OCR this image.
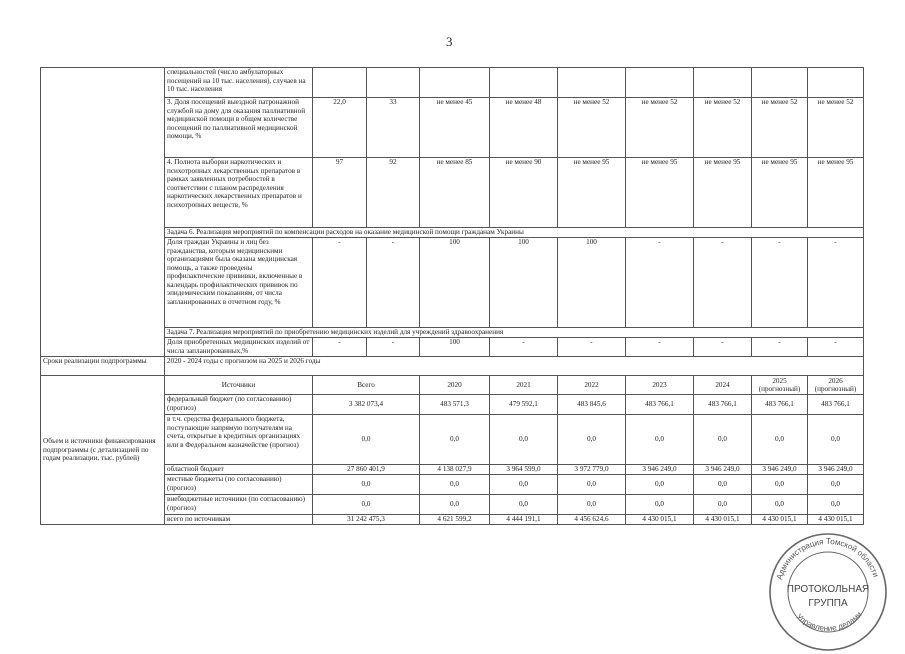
3
	специальностей (число амбулаторных посещений на 10 тыс. населения), случаев на 10 тыс. населения									
	3. Доля посещений выездной патронажной службой на дому для оказания паллиативной медицинской помощи в общем количестве посещений по паллиативной медицинской помощи, %	22,0	33	не менее 45	не менее 48	не менее 52	не менее 52	не менее 52	не менее 52	не менее 52
	4. Полнота выборки наркотических и психотропных лекарственных препаратов в рамках заявленных потребностей в соответствии с планом распределения наркотических лекарственных препаратов и психотропных веществ, %	97	92	не менее 85	не менее 90	не менее 95	не менее 95	не менее 95	не менее 95	не менее 95
	Задача 6. Реализация мероприятий по компенсации расходов на оказание медицинской помощи гражданам Украины									
	Доля граждан Украины и лиц без гражданства, которым медицинскими организациями была оказана медицинская помощь, а также проведены профилактические прививки, включенные в календарь профилактических прививок по эпидемическим показаниям, от числа запланированных в отчетном году, %	-	-	100	100	100	-	-	-	-
	Задача 7. Реализация мероприятий по приобретению медицинских изделий для учреждений здравоохранения									
	Доля приобретенных медицинских изделий от числа запланированных,%	-	-	100	-	-	-	-	-	-
Сроки реализации подпрограммы	2020 - 2024 годы с прогнозом на 2025 и 2026 годы									
Объем и источники финансирования подпрограммы (с детализацией по годам реализации, тыс. рублей)	Источники	Всего		2020	2021	2022	2023	2024	2025 (прогнозный)	2026 (прогнозный)
	федеральный бюджет (по согласованию) (прогноз)	3 382 073,4		483 571,3	479 592,1	483 845,6	483 766,1	483 766,1	483 766,1	483 766,1
	в т.ч. средства федерального бюджета, поступающие напрямую получателям на счета, открытые в кредитных организациях или в Федеральном казначействе (прогноз)	0,0		0,0	0,0	0,0	0,0	0,0	0,0	0,0
	областной бюджет	27 860 401,9		4 138 027,9	3 964 599,0	3 972 779,0	3 946 249,0	3 946 249,0	3 946 249,0	3 946 249,0
	местные бюджеты (по согласованию) (прогноз)	0,0		0,0	0,0	0,0	0,0	0,0	0,0	0,0
	внебюджетные источники (по согласованию) (прогноз)	0,0		0,0	0,0	0,0	0,0	0,0	0,0	0,0
	всего по источникам	31 242 475,3		4 621 599,2	4 444 191,1	4 456 624,6	4 430 015,1	4 430 015,1	4 430 015,1	4 430 015,1
Администрация Томской области
Управление делами
ПРОТОКОЛЬНАЯ
ГРУППА
